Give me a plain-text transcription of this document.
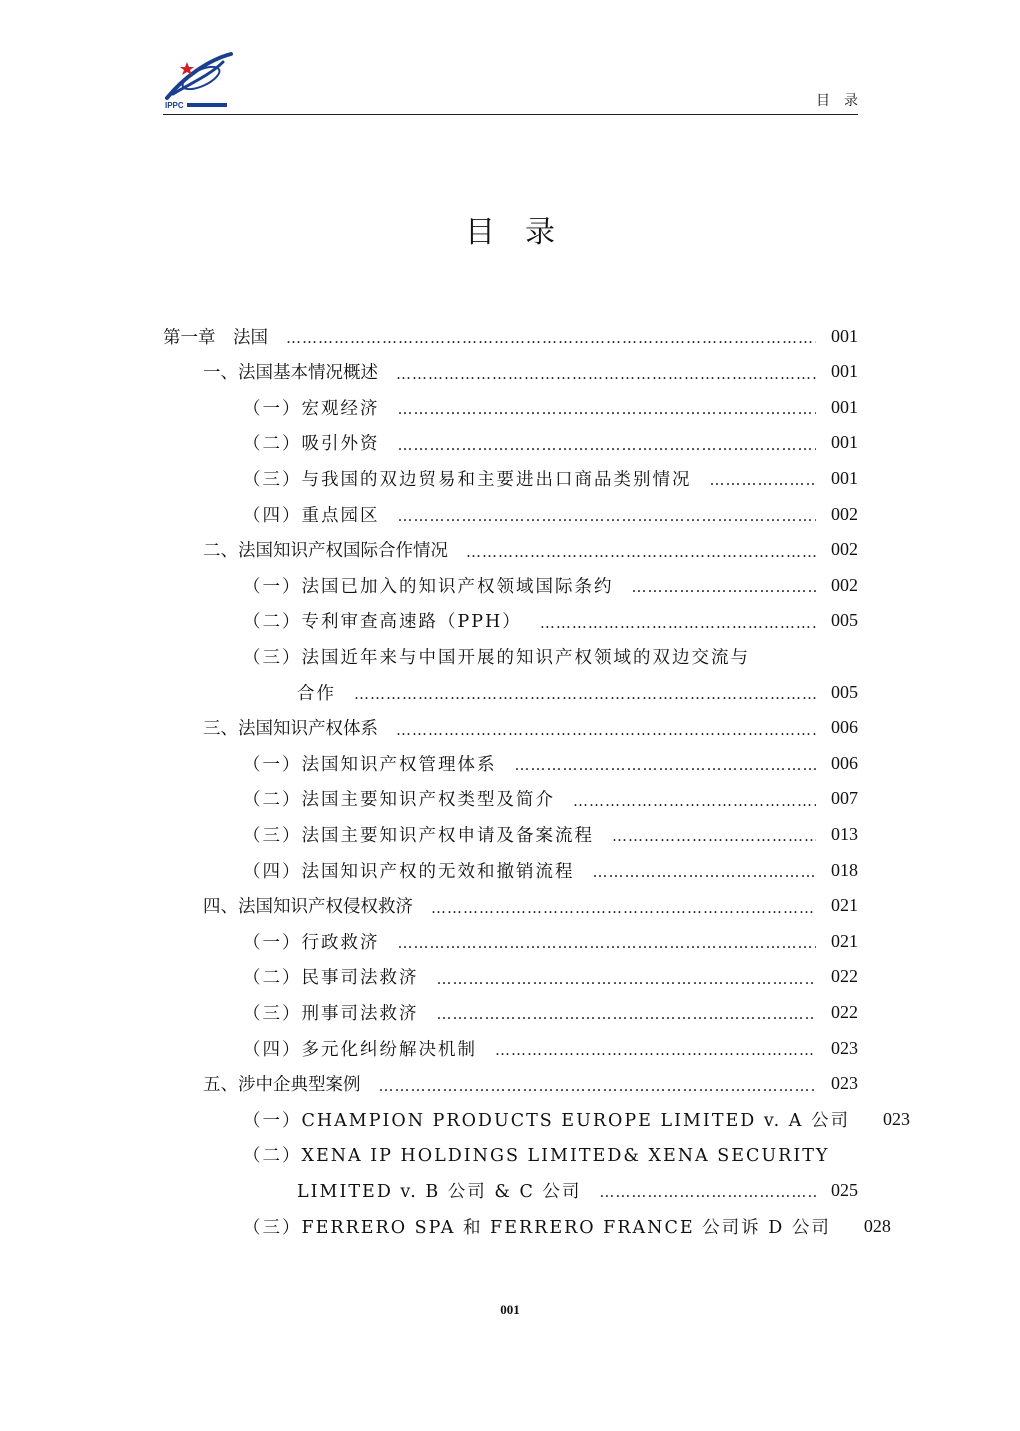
IPPC	目录
目录
第一章　法国 …………………………………………………………………………………………………………………………………………………………………………………………………………………………	001
一、法国基本情况概述 …………………………………………………………………………………………………………………………………………………………………………………………………………………………	001
（一）宏观经济 …………………………………………………………………………………………………………………………………………………………………………………………………………………………	001
（二）吸引外资 …………………………………………………………………………………………………………………………………………………………………………………………………………………………	001
（三）与我国的双边贸易和主要进出口商品类别情况 …………………………………………………………………………………………………………………………………………………………………………………………………………………………	001
（四）重点园区 …………………………………………………………………………………………………………………………………………………………………………………………………………………………	002
二、法国知识产权国际合作情况 …………………………………………………………………………………………………………………………………………………………………………………………………………………………	002
（一）法国已加入的知识产权领域国际条约 …………………………………………………………………………………………………………………………………………………………………………………………………………………………	002
（二）专利审查高速路（PPH） …………………………………………………………………………………………………………………………………………………………………………………………………………………………	005
（三）法国近年来与中国开展的知识产权领域的双边交流与
合作 …………………………………………………………………………………………………………………………………………………………………………………………………………………………	005
三、法国知识产权体系 …………………………………………………………………………………………………………………………………………………………………………………………………………………………	006
（一）法国知识产权管理体系 …………………………………………………………………………………………………………………………………………………………………………………………………………………………	006
（二）法国主要知识产权类型及简介 …………………………………………………………………………………………………………………………………………………………………………………………………………………………	007
（三）法国主要知识产权申请及备案流程 …………………………………………………………………………………………………………………………………………………………………………………………………………………………	013
（四）法国知识产权的无效和撤销流程 …………………………………………………………………………………………………………………………………………………………………………………………………………………………	018
四、法国知识产权侵权救济 …………………………………………………………………………………………………………………………………………………………………………………………………………………………	021
（一）行政救济 …………………………………………………………………………………………………………………………………………………………………………………………………………………………	021
（二）民事司法救济 …………………………………………………………………………………………………………………………………………………………………………………………………………………………	022
（三）刑事司法救济 …………………………………………………………………………………………………………………………………………………………………………………………………………………………	022
（四）多元化纠纷解决机制 …………………………………………………………………………………………………………………………………………………………………………………………………………………………	023
五、涉中企典型案例 …………………………………………………………………………………………………………………………………………………………………………………………………………………………	023
（一）CHAMPION PRODUCTS EUROPE LIMITED v. A 公司 023
（二）XENA IP HOLDINGS LIMITED& XENA SECURITY
LIMITED v. B 公司 & C 公司 …………………………………………………………………………………………………………………………………………………………………………………………………………………………	025
（三）FERRERO SPA 和 FERRERO FRANCE 公司诉 D 公司 028
001
